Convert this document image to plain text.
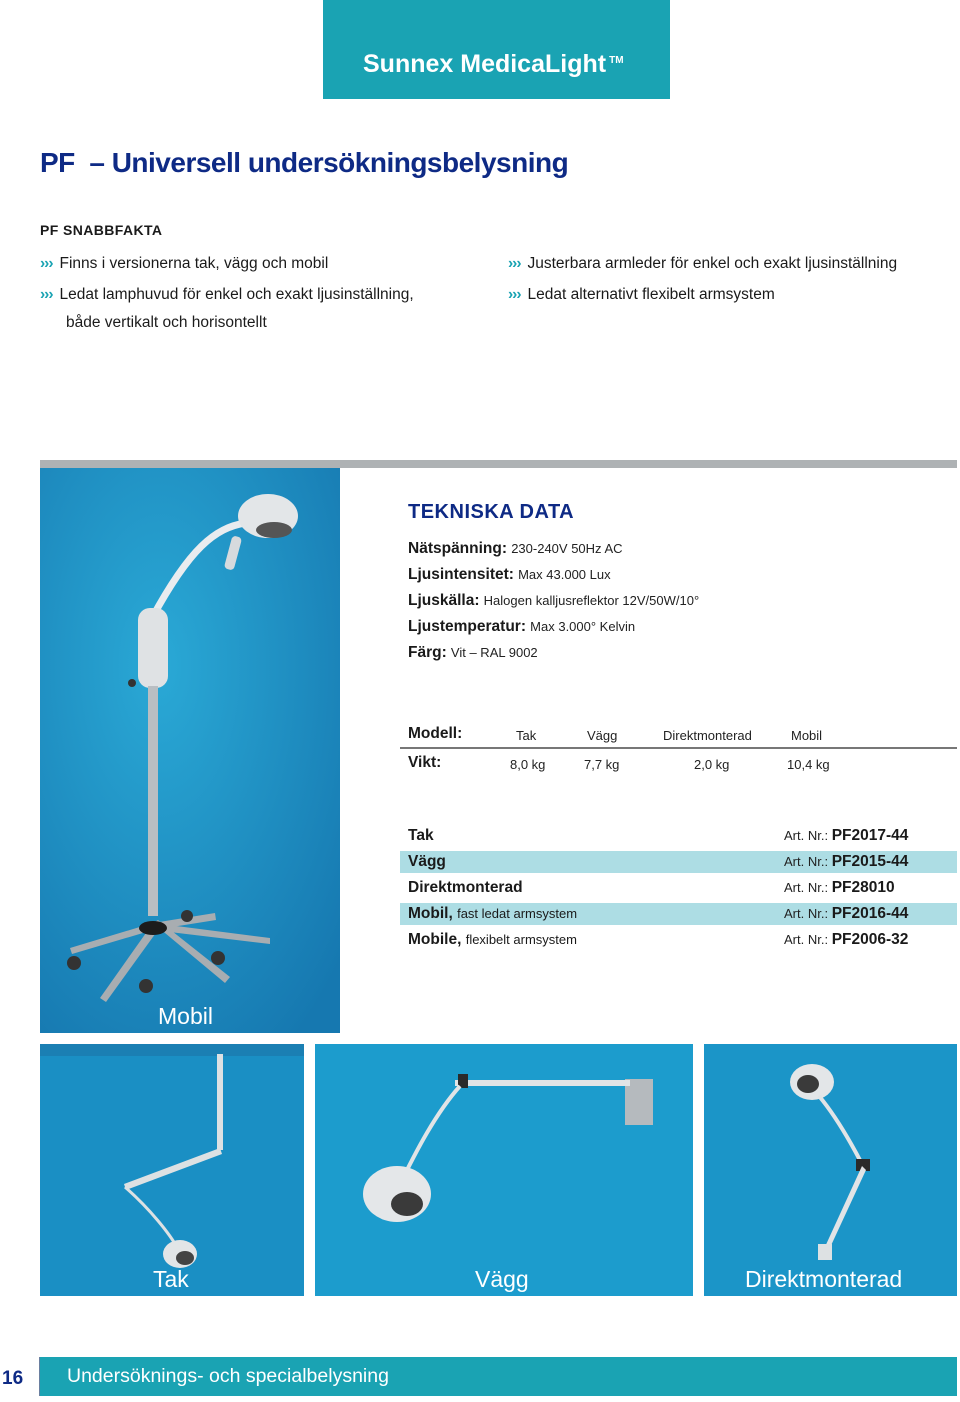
Sunnex MedicaLight ™
PF  – Universell undersökningsbelysning
PF SNABBFAKTA
››› Finns i versionerna tak, vägg och mobil
››› Ledat lamphuvud för enkel och exakt ljusinställning,
både vertikalt och horisontellt
››› Justerbara armleder för enkel och exakt ljusinställning
››› Ledat alternativt flexibelt armsystem
Mobil
TEKNISKA DATA
Nätspänning: 230-240V 50Hz AC
Ljusintensitet: Max 43.000 Lux
Ljuskälla: Halogen kalljusreflektor 12V/50W/10°
Ljustemperatur: Max 3.000° Kelvin
Färg: Vit – RAL 9002
Modell:	Tak	Vägg	Direktmonterad	Mobil
Vikt:	8,0 kg	7,7 kg	2,0 kg	10,4 kg
Tak	Art. Nr.: PF2017-44
Vägg	Art. Nr.: PF2015-44
Direktmonterad	Art. Nr.: PF28010
Mobil, fast ledat armsystem	Art. Nr.: PF2016-44
Mobile, flexibelt armsystem	Art. Nr.: PF2006-32
Tak	Vägg	Direktmonterad
16 Undersöknings- och specialbelysning
